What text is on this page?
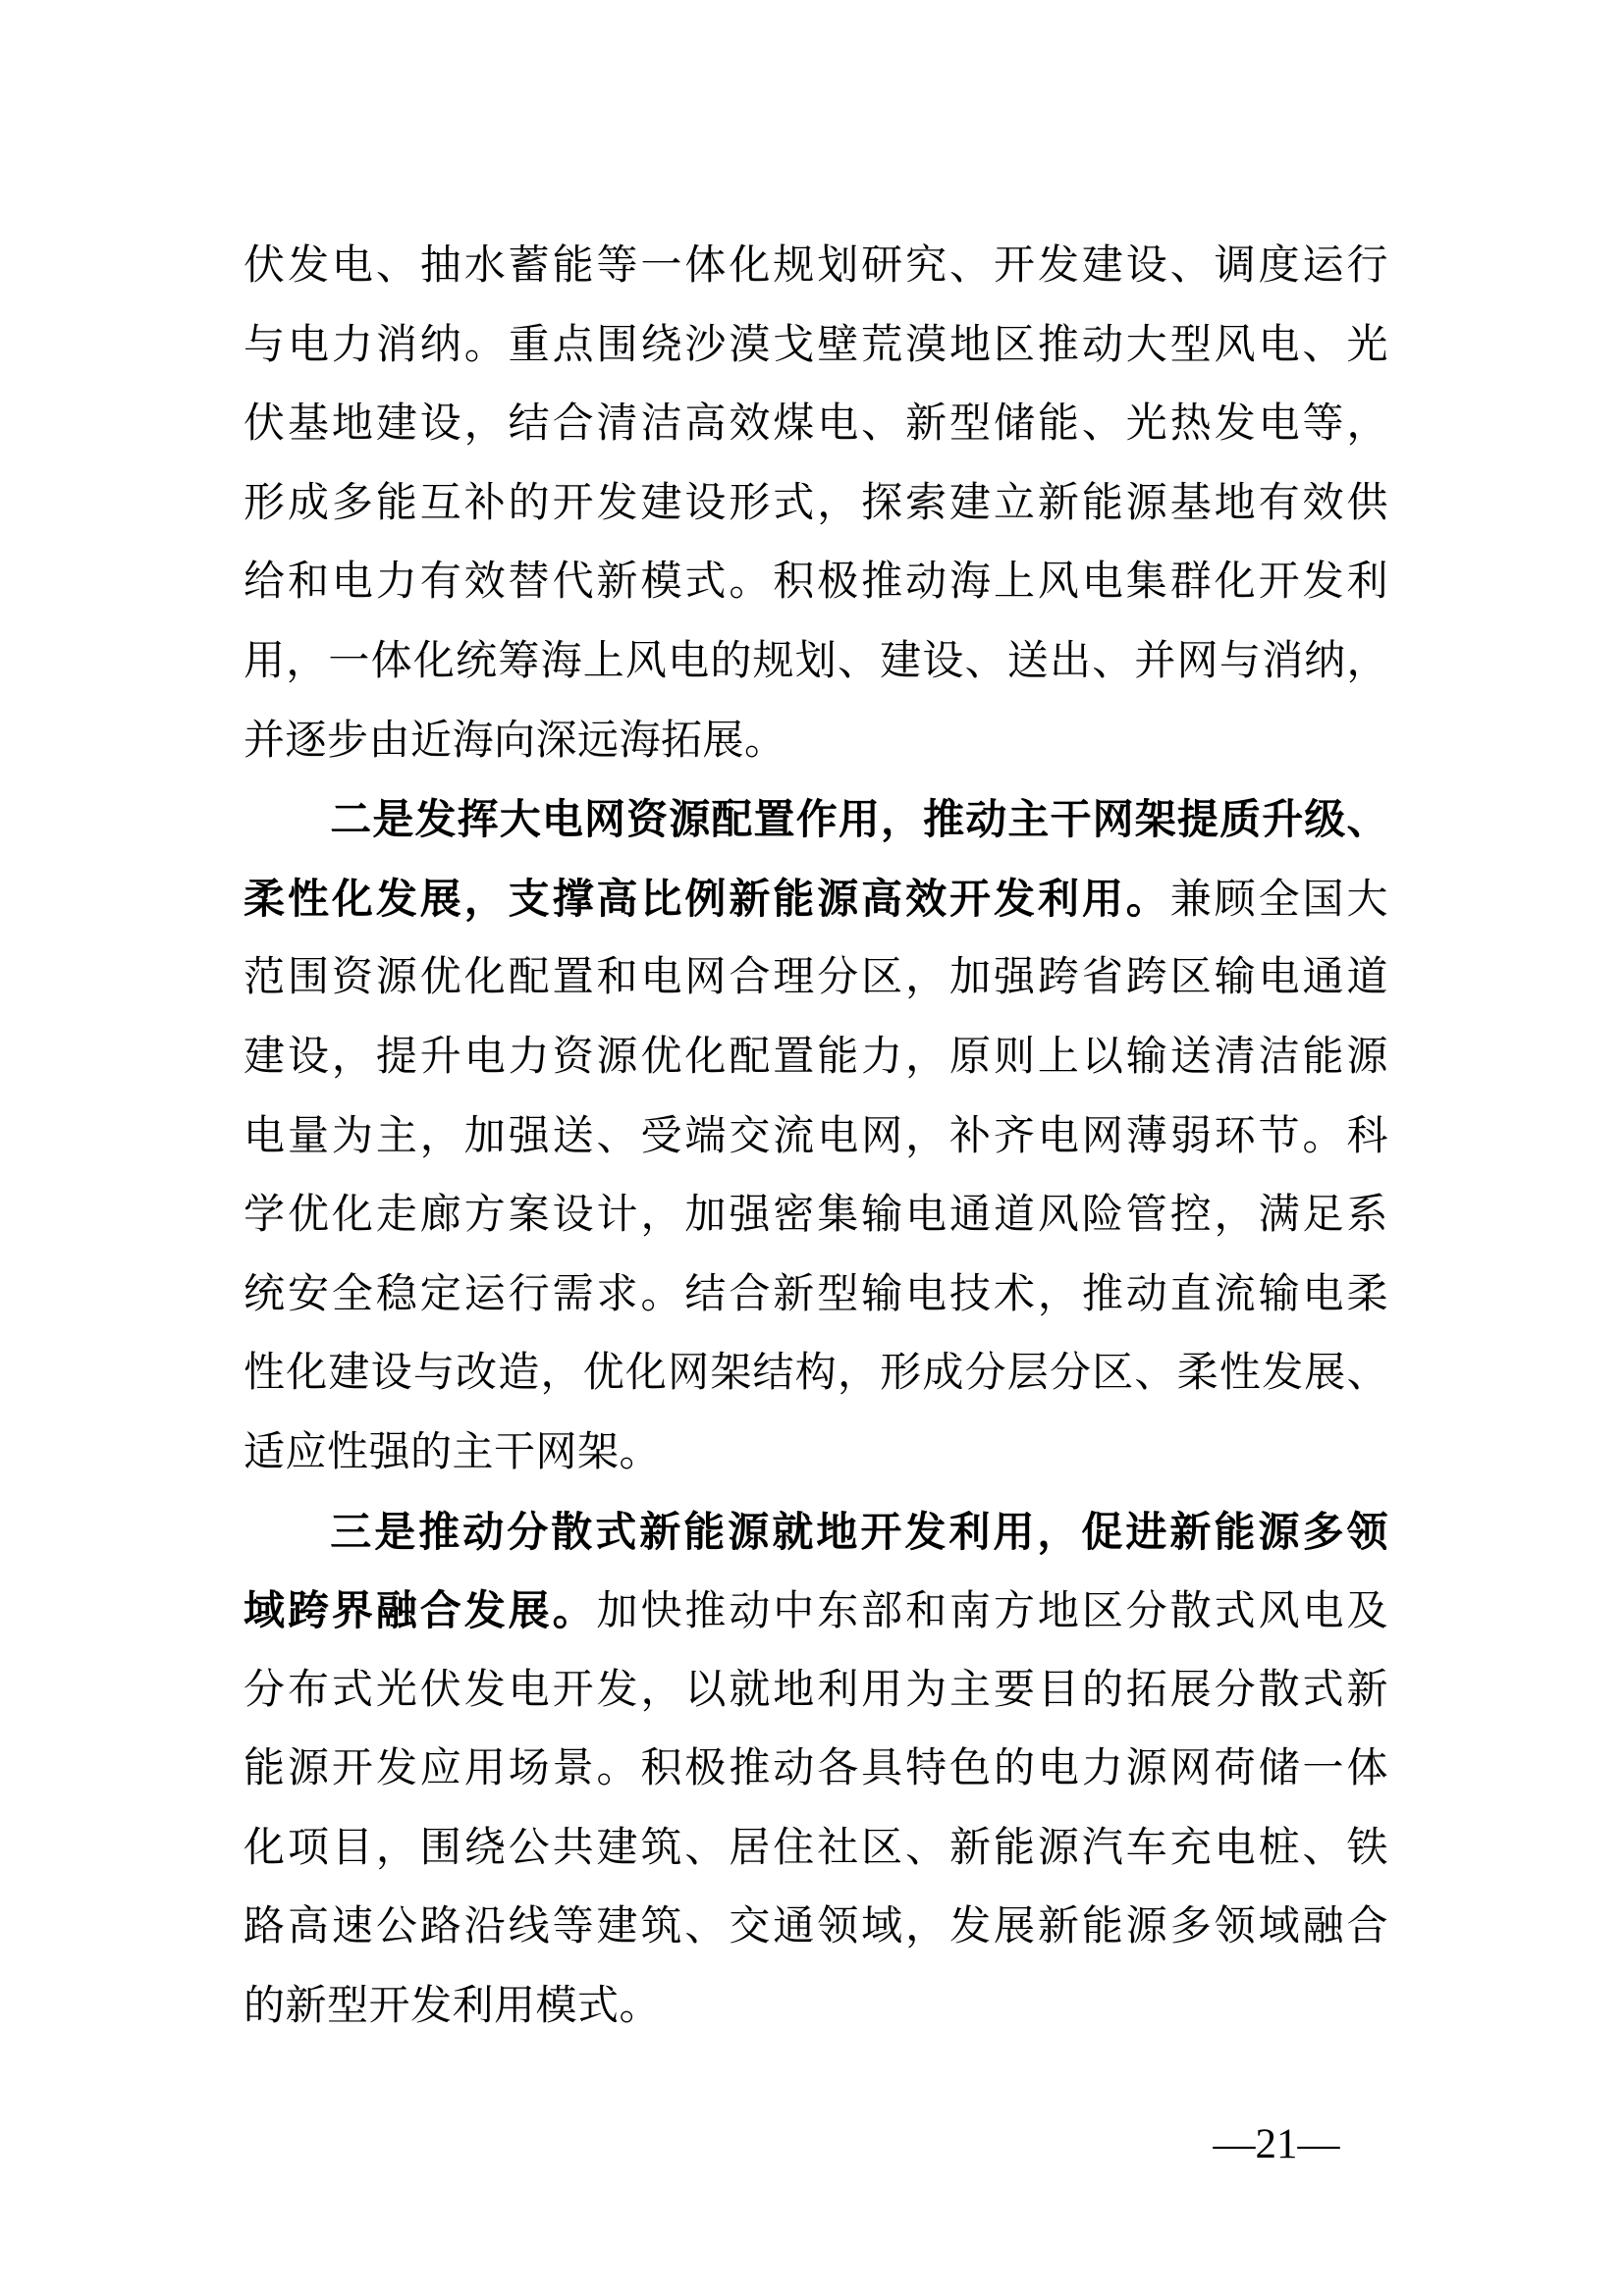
伏发电、抽水蓄能等一体化规划研究、开发建设、调度运行
与电力消纳。重点围绕沙漠戈壁荒漠地区推动大型风电、光
伏基地建设，结合清洁高效煤电、新型储能、光热发电等，
形成多能互补的开发建设形式，探索建立新能源基地有效供
给和电力有效替代新模式。积极推动海上风电集群化开发利
用，一体化统筹海上风电的规划、建设、送出、并网与消纳，
并逐步由近海向深远海拓展。
二是发挥大电网资源配置作用，推动主干网架提质升级、
柔性化发展，支撑高比例新能源高效开发利用。兼顾全国大
范围资源优化配置和电网合理分区，加强跨省跨区输电通道
建设，提升电力资源优化配置能力，原则上以输送清洁能源
电量为主，加强送、受端交流电网，补齐电网薄弱环节。科
学优化走廊方案设计，加强密集输电通道风险管控，满足系
统安全稳定运行需求。结合新型输电技术，推动直流输电柔
性化建设与改造，优化网架结构，形成分层分区、柔性发展、
适应性强的主干网架。
三是推动分散式新能源就地开发利用，促进新能源多领
域跨界融合发展。加快推动中东部和南方地区分散式风电及
分布式光伏发电开发，以就地利用为主要目的拓展分散式新
能源开发应用场景。积极推动各具特色的电力源网荷储一体
化项目，围绕公共建筑、居住社区、新能源汽车充电桩、铁
路高速公路沿线等建筑、交通领域，发展新能源多领域融合
的新型开发利用模式。
—21—
